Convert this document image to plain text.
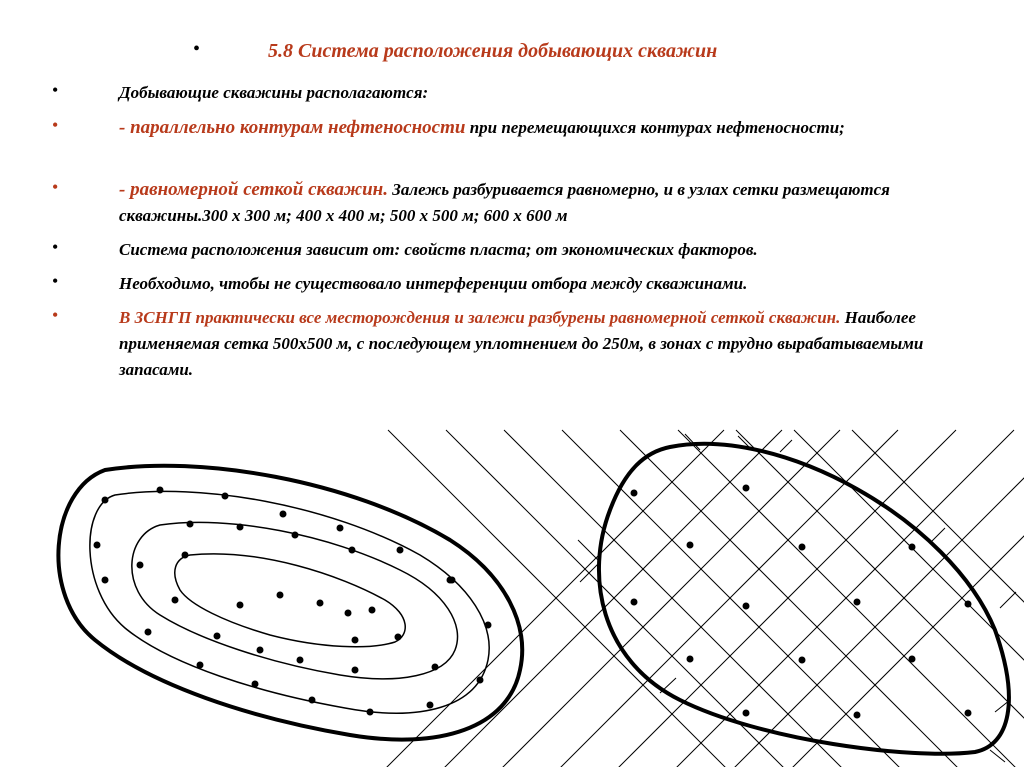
•	5.8 Система расположения добывающих скважин
•	Добывающие скважины располагаются:
•	- параллельно контурам нефтеносности при перемещающихся контурах нефтеносности;
•	- равномерной сеткой скважин. Залежь разбуривается равномерно, и в узлах сетки размещаются скважины.300 х 300 м; 400 х 400 м; 500 х 500 м; 600 х 600 м
•	Система расположения зависит от: свойств пласта; от экономических факторов.
•	Необходимо, чтобы не существовало интерференции отбора между скважинами.
•	В ЗСНГП практически все месторождения и залежи разбурены равномерной сеткой скважин. Наиболее применяемая сетка 500х500 м, с последующем уплотнением до 250м, в зонах с трудно вырабатываемыми запасами.
